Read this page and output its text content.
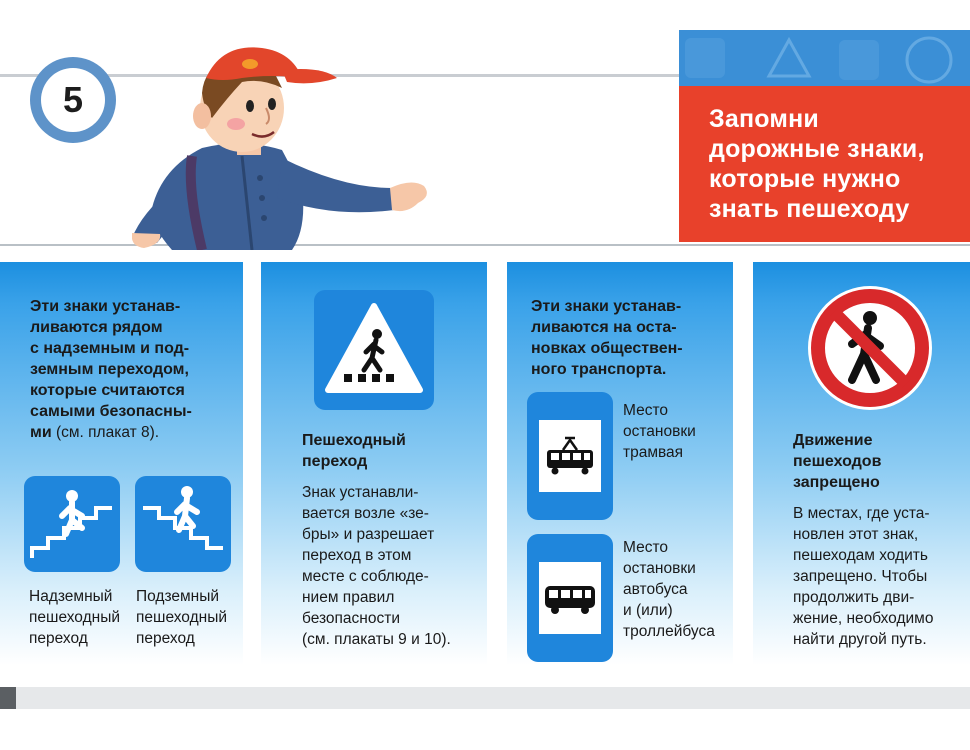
5	Запомни
дорожные знаки,
которые нужно
знать пешеходу
Эти знаки устанав-
ливаются рядом
с надземным и под-
земным переходом,
которые считаются
самыми безопасны-
ми (см. плакат 8).
Надземный
пешеходный
переход
Подземный
пешеходный
переход
Пешеходный
переход
Знак устанавли-
вается возле «зе-
бры» и разрешает
переход в этом
месте с соблюде-
нием правил
безопасности
(см. плакаты 9 и 10).
Эти знаки устанав-
ливаются на оста-
новках обществен-
ного транспорта.
Место
остановки
трамвая
Место
остановки
автобуса
и (или)
троллейбуса
Движение
пешеходов
запрещено
В местах, где уста-
новлен этот знак,
пешеходам ходить
запрещено. Чтобы
продолжить дви-
жение, необходимо
найти другой путь.
